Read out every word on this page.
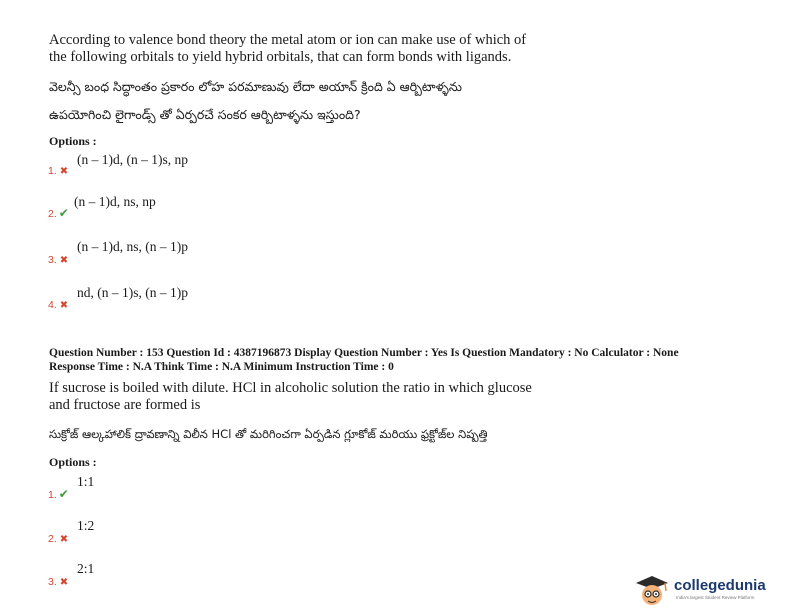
According to valence bond theory the metal atom or ion can make use of which of
the following orbitals to yield hybrid orbitals, that can form bonds with ligands.
వెలన్సీ బంధ సిద్ధాంతం ప్రకారం లోహ పరమాణువు లేదా అయాన్ క్రింది ఏ ఆర్బిటాళ్ళను
ఉపయోగించి లైగాండ్స్ తో ఏర్పరచే సంకర ఆర్బిటాళ్ళను ఇస్తుంది?
Options :
1. ✖
(n – 1)d, (n – 1)s, np
2. ✔
(n – 1)d, ns, np
3. ✖
(n – 1)d, ns, (n – 1)p
4. ✖
nd, (n – 1)s, (n – 1)p
Question Number : 153 Question Id : 4387196873 Display Question Number : Yes Is Question Mandatory : No Calculator : None
Response Time : N.A Think Time : N.A Minimum Instruction Time : 0
If sucrose is boiled with dilute. HCl in alcoholic solution the ratio in which glucose
and fructose are formed is
సుక్రోజ్ ఆల్కహాలిక్ ద్రావణాన్ని విలీన HCl తో మరిగించగా ఏర్పడిన గ్లూకోజ్ మరియు ఫ్రక్టోజ్‌ల నిష్పత్తి
Options :
1. ✔
1:1
2. ✖
1:2
3. ✖
2:1
collegedunia
India's largest Student Review Platform
